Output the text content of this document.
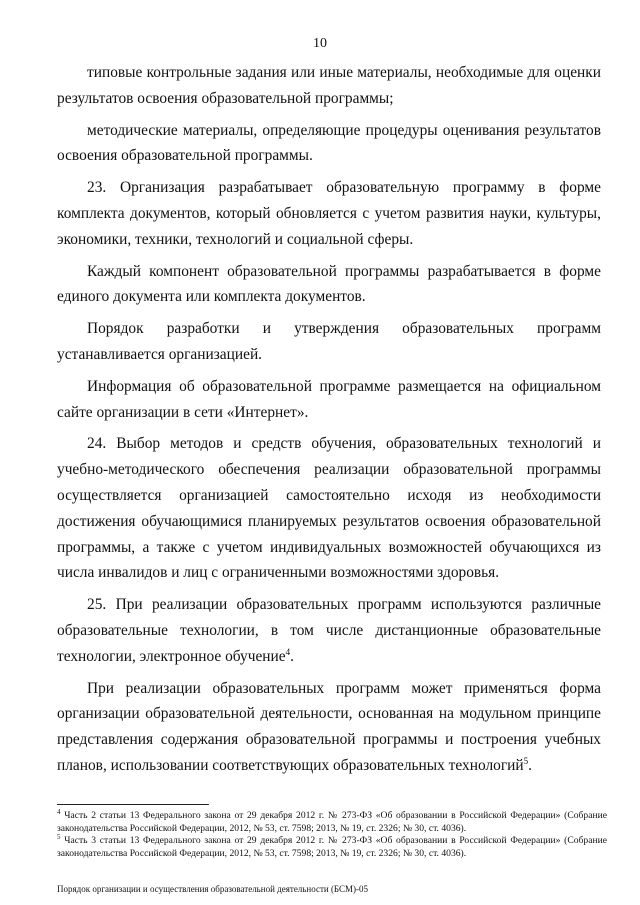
10

типовые контрольные задания или иные материалы, необходимые для оценки результатов освоения образовательной программы;

методические материалы, определяющие процедуры оценивания результатов освоения образовательной программы.

23. Организация разрабатывает образовательную программу в форме комплекта документов, который обновляется с учетом развития науки, культуры, экономики, техники, технологий и социальной сферы.

Каждый компонент образовательной программы разрабатывается в форме единого документа или комплекта документов.

Порядок разработки и утверждения образовательных программ устанавливается организацией.

Информация об образовательной программе размещается на официальном сайте организации в сети «Интернет».

24. Выбор методов и средств обучения, образовательных технологий и учебно-методического обеспечения реализации образовательной программы осуществляется организацией самостоятельно исходя из необходимости достижения обучающимися планируемых результатов освоения образовательной программы, а также с учетом индивидуальных возможностей обучающихся из числа инвалидов и лиц с ограниченными возможностями здоровья.

25. При реализации образовательных программ используются различные образовательные технологии, в том числе дистанционные образовательные технологии, электронное обучение$^4$.

При реализации образовательных программ может применяться форма организации образовательной деятельности, основанная на модульном принципе представления содержания образовательной программы и построения учебных планов, использовании соответствующих образовательных технологий$^5$.

$^4$ Часть 2 статьи 13 Федерального закона от 29 декабря 2012 г. № 273-ФЗ «Об образовании в Российской Федерации» (Собрание законодательства Российской Федерации, 2012, № 53, ст. 7598; 2013, № 19, ст. 2326; № 30, ст. 4036).

$^5$ Часть 3 статьи 13 Федерального закона от 29 декабря 2012 г. № 273-ФЗ «Об образовании в Российской Федерации» (Собрание законодательства Российской Федерации, 2012, № 53, ст. 7598; 2013, № 19, ст. 2326; № 30, ст. 4036).

Порядок организации и осуществления образовательной деятельности (БСМ)-05
